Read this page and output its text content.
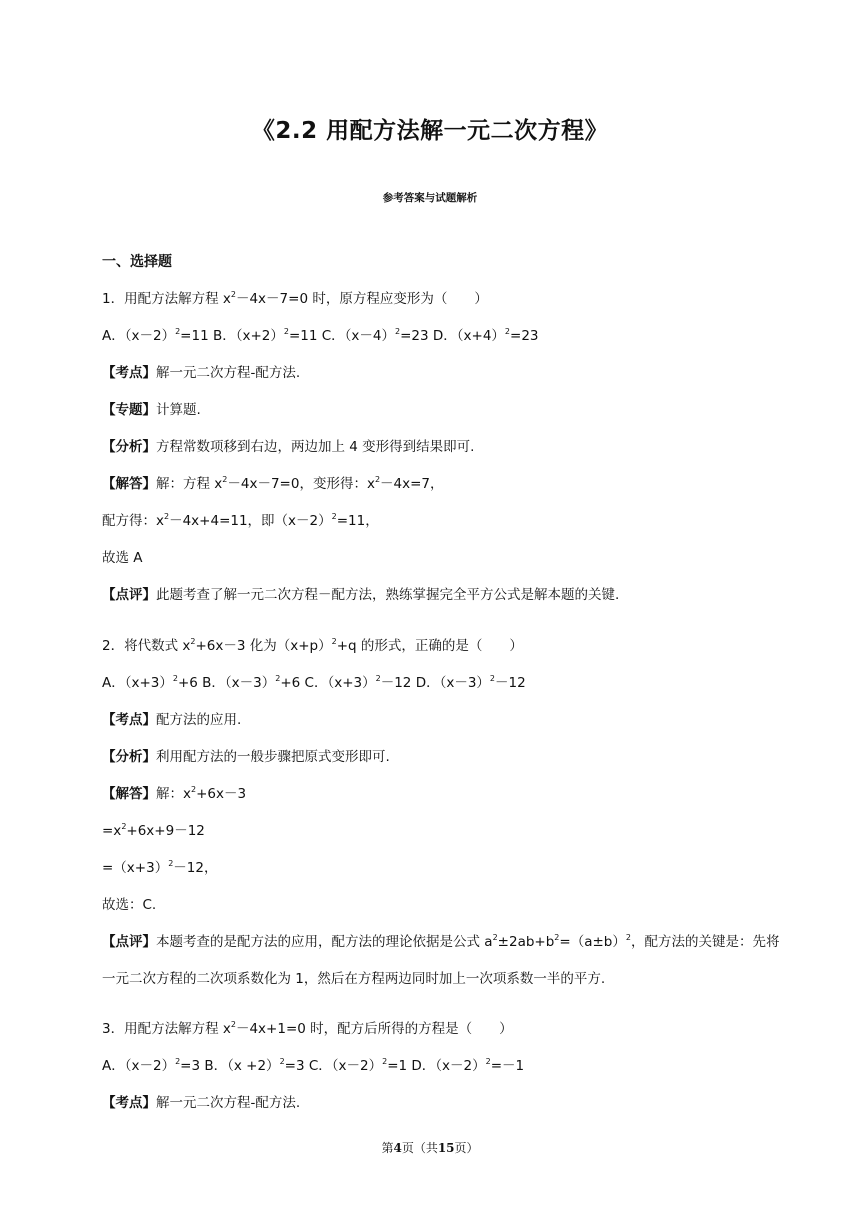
《2.2 用配方法解一元二次方程》
参考答案与试题解析
一、选择题
1．用配方法解方程 $x^2-4x-7=0$ 时，原方程应变形为（　　）
A．$(x-2)^2=11$ B．$(x+2)^2=11$ C．$(x-4)^2=23$ D．$(x+4)^2=23$
【考点】解一元二次方程-配方法.
【专题】计算题.
【分析】方程常数项移到右边，两边加上 4 变形得到结果即可.
【解答】解：方程 $x^2-4x-7=0$，变形得：$x^2-4x=7$，
配方得：$x^2-4x+4=11$，即$(x-2)^2=11$，
故选 A
【点评】此题考查了解一元二次方程－配方法，熟练掌握完全平方公式是解本题的关键.
2．将代数式 $x^2+6x-3$ 化为$(x+p)^2+q$ 的形式，正确的是（　　）
A．$(x+3)^2+6$ B．$(x-3)^2+6$ C．$(x+3)^2-12$ D．$(x-3)^2-12$
【考点】配方法的应用.
【分析】利用配方法的一般步骤把原式变形即可.
【解答】解：$x^2+6x-3$
$=x^2+6x+9-12$
$=(x+3)^2-12$，
故选：C.
【点评】本题考查的是配方法的应用，配方法的理论依据是公式 $a^2\pm 2ab+b^2=(a\pm b)^2$，配方法的关键是：先将一元二次方程的二次项系数化为 1，然后在方程两边同时加上一次项系数一半的平方.
3．用配方法解方程 $x^2-4x+1=0$ 时，配方后所得的方程是（　　）
A．$(x-2)^2=3$ B．$(x +2)^2=3$ C．$(x-2)^2=1$ D．$(x-2)^2=-1$
【考点】解一元二次方程-配方法.
第4页（共15页）
